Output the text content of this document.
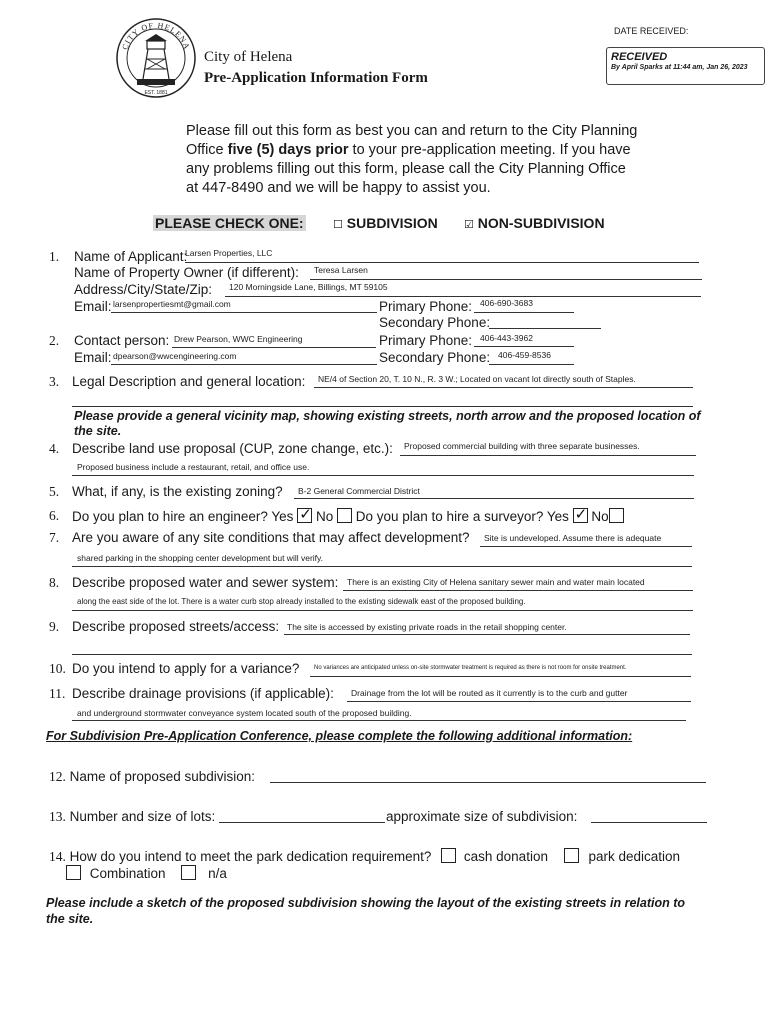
CITY OF HELENA
EST. 1881
City of Helena
Pre-Application Information Form
DATE RECEIVED:
RECEIVED
By April Sparks at 11:44 am, Jan 26, 2023
Please fill out this form as best you can and return to the City Planning
Office five (5) days prior to your pre-application meeting. If you have
any problems filling out this form, please call the City Planning Office
at 447-8490 and we will be happy to assist you.
PLEASE CHECK ONE:	☐ SUBDIVISION ☑ NON-SUBDIVISION
1. Name of Applicant:
Larsen Properties, LLC
Name of Property Owner (if different): Teresa Larsen
Address/City/State/Zip: 120 Morningside Lane, Billings, MT 59105
Email: larsenpropertiesmt@gmail.com	Primary Phone: 406-690-3683
Secondary Phone:
2. Contact person: Drew Pearson, WWC Engineering	Primary Phone: 406-443-3962
Email: dpearson@wwcengineering.com	Secondary Phone: 406-459-8536
3. Legal Description and general location: NE/4 of Section 20, T. 10 N., R. 3 W.; Located on vacant lot directly south of Staples.
Please provide a general vicinity map, showing existing streets, north arrow and the proposed location of
the site.
4. Describe land use proposal (CUP, zone change, etc.): Proposed commercial building with three separate businesses.
Proposed business include a restaurant, retail, and office use.
5. What, if any, is the existing zoning? B-2 General Commercial District
6. Do you plan to hire an engineer? Yes ✓ No Do you plan to hire a surveyor? Yes ✓ No
7. Are you aware of any site conditions that may affect development? Site is undeveloped. Assume there is adequate
shared parking in the shopping center development but will verify.
8. Describe proposed water and sewer system: There is an existing City of Helena sanitary sewer main and water main located
along the east side of the lot. There is a water curb stop already installed to the existing sidewalk east of the proposed building.
9. Describe proposed streets/access: The site is accessed by existing private roads in the retail shopping center.
10. Do you intend to apply for a variance? No variances are anticipated unless on-site stormwater treatment is required as there is not room for onsite treatment.
11. Describe drainage provisions (if applicable): Drainage from the lot will be routed as it currently is to the curb and gutter
and underground stormwater conveyance system located south of the proposed building.
For Subdivision Pre-Application Conference, please complete the following additional information:
12. Name of proposed subdivision:
13. Number and size of lots:	approximate size of subdivision:
14. How do you intend to meet the park dedication requirement? cash donation	park dedication
Combination	n/a
Please include a sketch of the proposed subdivision showing the layout of the existing streets in relation to
the site.
